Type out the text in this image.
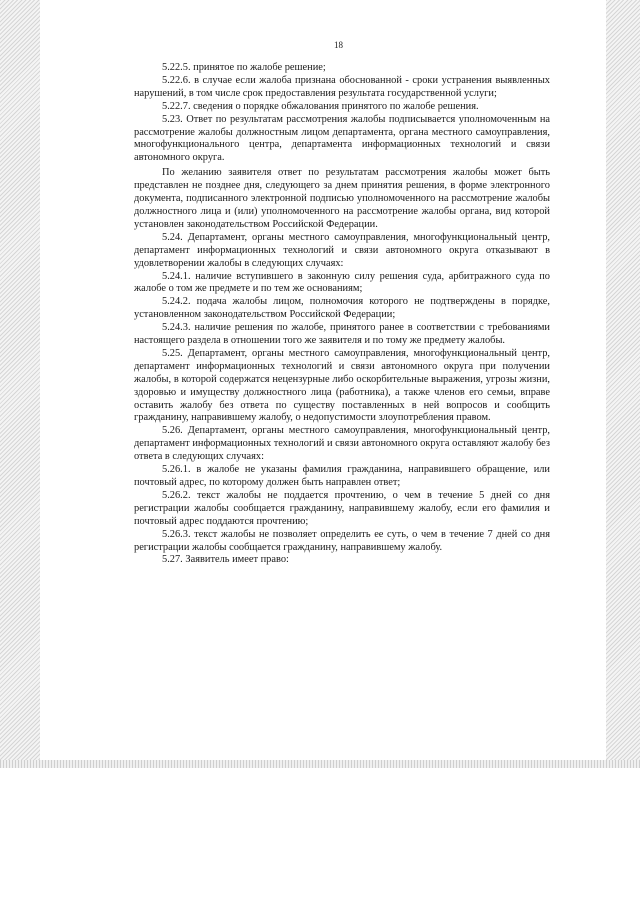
18

5.22.5. принятое по жалобе решение;

5.22.6. в случае если жалоба признана обоснованной - сроки устранения выявленных нарушений, в том числе срок предоставления результата государственной услуги;

5.22.7. сведения о порядке обжалования принятого по жалобе решения.

5.23. Ответ по результатам рассмотрения жалобы подписывается уполномоченным на рассмотрение жалобы должностным лицом департамента, органа местного самоуправления, многофункционального центра, департамента информационных технологий и связи автономного округа.

По желанию заявителя ответ по результатам рассмотрения жалобы может быть представлен не позднее дня, следующего за днем принятия решения, в форме электронного документа, подписанного электронной подписью уполномоченного на рассмотрение жалобы должностного лица и (или) уполномоченного на рассмотрение жалобы органа, вид которой установлен законодательством Российской Федерации.

5.24. Департамент, органы местного самоуправления, многофункциональный центр, департамент информационных технологий и связи автономного округа отказывают в удовлетворении жалобы в следующих случаях:

5.24.1. наличие вступившего в законную силу решения суда, арбитражного суда по жалобе о том же предмете и по тем же основаниям;

5.24.2. подача жалобы лицом, полномочия которого не подтверждены в порядке, установленном законодательством Российской Федерации;

5.24.3. наличие решения по жалобе, принятого ранее в соответствии с требованиями настоящего раздела в отношении того же заявителя и по тому же предмету жалобы.

5.25. Департамент, органы местного самоуправления, многофункциональный центр, департамент информационных технологий и связи автономного округа при получении жалобы, в которой содержатся нецензурные либо оскорбительные выражения, угрозы жизни, здоровью и имуществу должностного лица (работника), а также членов его семьи, вправе оставить жалобу без ответа по существу поставленных в ней вопросов и сообщить гражданину, направившему жалобу, о недопустимости злоупотребления правом.

5.26. Департамент, органы местного самоуправления, многофункциональный центр, департамент информационных технологий и связи автономного округа оставляют жалобу без ответа в следующих случаях:

5.26.1. в жалобе не указаны фамилия гражданина, направившего обращение, или почтовый адрес, по которому должен быть направлен ответ;

5.26.2. текст жалобы не поддается прочтению, о чем в течение 5 дней со дня регистрации жалобы сообщается гражданину, направившему жалобу, если его фамилия и почтовый адрес поддаются прочтению;

5.26.3. текст жалобы не позволяет определить ее суть, о чем в течение 7 дней со дня регистрации жалобы сообщается гражданину, направившему жалобу.

5.27. Заявитель имеет право:
